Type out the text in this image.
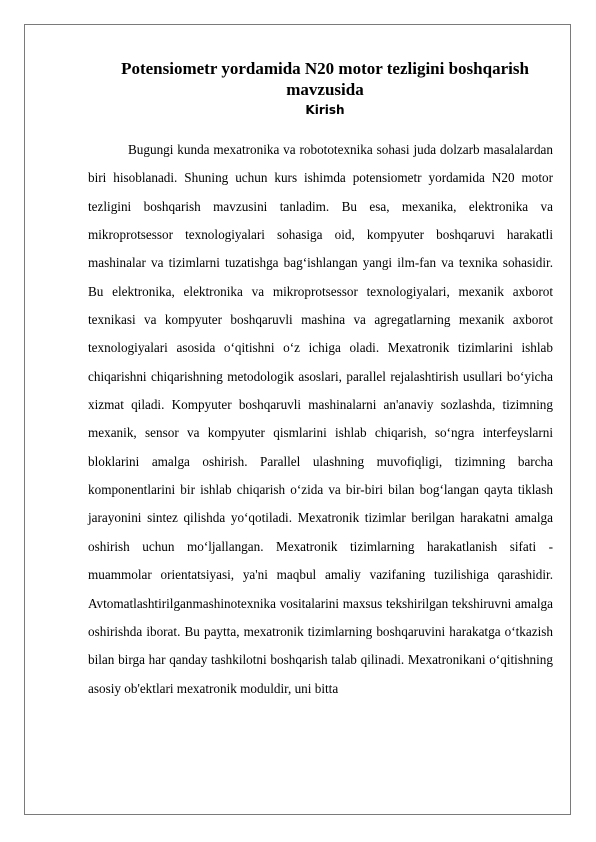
Potensiometr yordamida N20 motor tezligini boshqarish mavzusida
Kirish

Bugungi kunda mexatronika va robototexnika sohasi juda dolzarb masalalardan biri hisoblanadi. Shuning uchun kurs ishimda potensiometr yordamida N20 motor tezligini boshqarish mavzusini tanladim. Bu esa, mexanika, elektronika va mikroprotsessor texnologiyalari sohasiga oid, kompyuter boshqaruvi harakatli mashinalar va tizimlarni tuzatishga bag‘ishlangan yangi ilm-fan va texnika sohasidir. Bu elektronika, elektronika va mikroprotsessor texnologiyalari, mexanik axborot texnikasi va kompyuter boshqaruvli mashina va agregatlarning mexanik axborot texnologiyalari asosida o‘qitishni o‘z ichiga oladi. Mexatronik tizimlarini ishlab chiqarishni chiqarishning metodologik asoslari, parallel rejalashtirish usullari bo‘yicha xizmat qiladi. Kompyuter boshqaruvli mashinalarni an'anaviy sozlashda, tizimning mexanik, sensor va kompyuter qismlarini ishlab chiqarish, so‘ngra interfeyslarni bloklarini amalga oshirish. Parallel ulashning muvofiqligi, tizimning barcha komponentlarini bir ishlab chiqarish o‘zida va bir-biri bilan bog‘langan qayta tiklash jarayonini sintez qilishda yo‘qotiladi. Mexatronik tizimlar berilgan harakatni amalga oshirish uchun mo‘ljallangan. Mexatronik tizimlarning harakatlanish sifati - muammolar orientatsiyasi, ya'ni maqbul amaliy vazifaning tuzilishiga qarashidir. Avtomatlashtirilganmashinotexnika vositalarini maxsus tekshirilgan tekshiruvni amalga oshirishda iborat. Bu paytta, mexatronik tizimlarning boshqaruvini harakatga o‘tkazish bilan birga har qanday tashkilotni boshqarish talab qilinadi. Mexatronikani o‘qitishning asosiy ob'ektlari mexatronik moduldir, uni bitta
